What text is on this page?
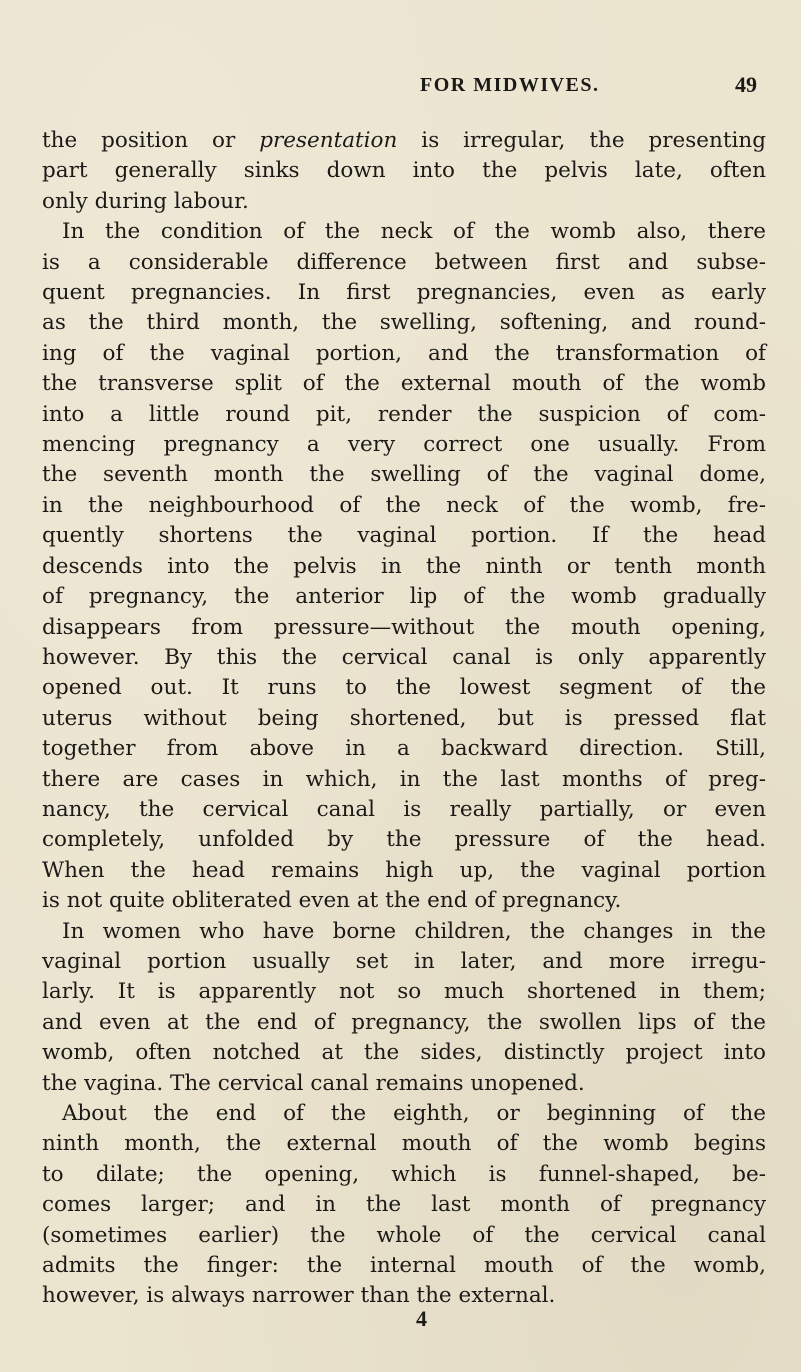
FOR MIDWIVES.	49
the position or presentation is irregular, the presenting
part generally sinks down into the pelvis late, often
only during labour.
In the condition of the neck of the womb also, there
is a considerable difference between first and subse-
quent pregnancies. In first pregnancies, even as early
as the third month, the swelling, softening, and round-
ing of the vaginal portion, and the transformation of
the transverse split of the external mouth of the womb
into a little round pit, render the suspicion of com-
mencing pregnancy a very correct one usually. From
the seventh month the swelling of the vaginal dome,
in the neighbourhood of the neck of the womb, fre-
quently shortens the vaginal portion. If the head
descends into the pelvis in the ninth or tenth month
of pregnancy, the anterior lip of the womb gradually
disappears from pressure—without the mouth opening,
however. By this the cervical canal is only apparently
opened out. It runs to the lowest segment of the
uterus without being shortened, but is pressed flat
together from above in a backward direction. Still,
there are cases in which, in the last months of preg-
nancy, the cervical canal is really partially, or even
completely, unfolded by the pressure of the head.
When the head remains high up, the vaginal portion
is not quite obliterated even at the end of pregnancy.
In women who have borne children, the changes in the
vaginal portion usually set in later, and more irregu-
larly. It is apparently not so much shortened in them;
and even at the end of pregnancy, the swollen lips of the
womb, often notched at the sides, distinctly project into
the vagina. The cervical canal remains unopened.
About the end of the eighth, or beginning of the
ninth month, the external mouth of the womb begins
to dilate; the opening, which is funnel-shaped, be-
comes larger; and in the last month of pregnancy
(sometimes earlier) the whole of the cervical canal
admits the finger: the internal mouth of the womb,
however, is always narrower than the external.
4
